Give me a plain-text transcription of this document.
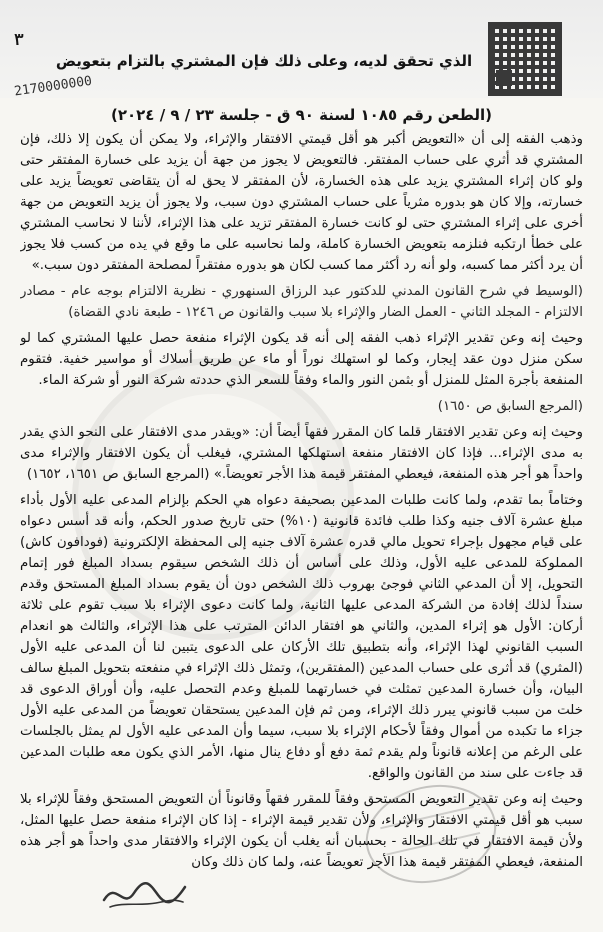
٣
الذي تحقق لديه، وعلى ذلك فإن المشتري بالتزام بتعويض
2170000000
(الطعن رقم ١٠٨٥ لسنة ٩٠ ق - جلسة ٢٣ / ٩ / ٢٠٢٤)

وذهب الفقه إلى أن «التعويض أكبر هو أقل قيمتي الافتقار والإثراء، ولا يمكن أن يكون إلا ذلك، فإن المشتري قد أثري على حساب المفتقر. فالتعويض لا يجوز من جهة أن يزيد على خسارة المفتقر حتى ولو كان إثراء المشتري يزيد على هذه الخسارة، لأن المفتقر لا يحق له أن يتقاضى تعويضاً يزيد على خسارته، وإلا كان هو بدوره مثرياً على حساب المشتري دون سبب، ولا يجوز أن يزيد التعويض من جهة أخرى على إثراء المشتري حتى لو كانت خسارة المفتقر تزيد على هذا الإثراء، لأننا لا نحاسب المشتري على خطأ ارتكبه فنلزمه بتعويض الخسارة كاملة، ولما نحاسبه على ما وقع في يده من كسب فلا يجوز أن يرد أكثر مما كسبه، ولو أنه رد أكثر مما كسب لكان هو بدوره مفتقراً لمصلحة المفتقر دون سبب.»

(الوسيط في شرح القانون المدني للدكتور عبد الرزاق السنهوري - نظرية الالتزام بوجه عام - مصادر الالتزام - المجلد الثاني - العمل الضار والإثراء بلا سبب والقانون ص ١٢٤٦ - طبعة نادي القضاة)

وحيث إنه وعن تقدير الإثراء ذهب الفقه إلى أنه قد يكون الإثراء منفعة حصل عليها المشتري كما لو سكن منزل دون عقد إيجار، وكما لو استهلك نوراً أو ماء عن طريق أسلاك أو مواسير خفية. فتقوم المنفعة بأجرة المثل للمنزل أو بثمن النور والماء وفقاً للسعر الذي حددته شركة النور أو شركة الماء.

(المرجع السابق ص ١٦٥٠)

وحيث إنه وعن تقدير الافتقار قلما كان المقرر فقهاً أيضاً أن: «ويقدر مدى الافتقار على النحو الذي يقدر به مدى الإثراء... فإذا كان الافتقار منفعة استهلكها المشتري، فيغلب أن يكون الافتقار والإثراء مدى واحداً هو أجر هذه المنفعة، فيعطي المفتقر قيمة هذا الأجر تعويضاً.» (المرجع السابق ص ١٦٥١، ١٦٥٢)

وختاماً بما تقدم، ولما كانت طلبات المدعين بصحيفة دعواه هي الحكم بإلزام المدعى عليه الأول بأداء مبلغ عشرة آلاف جنيه وكذا طلب فائدة قانونية (١٠%) حتى تاريخ صدور الحكم، وأنه قد أسس دعواه على قيام مجهول بإجراء تحويل مالي قدره عشرة آلاف جنيه إلى المحفظة الإلكترونية (فودافون كاش) المملوكة للمدعى عليه الأول، وذلك على أساس أن ذلك الشخص سيقوم بسداد المبلغ فور إتمام التحويل، إلا أن المدعي الثاني فوجئ بهروب ذلك الشخص دون أن يقوم بسداد المبلغ المستحق وقدم سنداً لذلك إفادة من الشركة المدعى عليها الثانية، ولما كانت دعوى الإثراء بلا سبب تقوم على ثلاثة أركان: الأول هو إثراء المدين، والثاني هو افتقار الدائن المترتب على هذا الإثراء، والثالث هو انعدام السبب القانوني لهذا الإثراء، وأنه بتطبيق تلك الأركان على الدعوى يتبين لنا أن المدعى عليه الأول (المثري) قد أثرى على حساب المدعين (المفتقرين)، وتمثل ذلك الإثراء في منفعته بتحويل المبلغ سالف البيان، وأن خسارة المدعين تمثلت في خسارتهما للمبلغ وعدم التحصل عليه، وأن أوراق الدعوى قد خلت من سبب قانوني يبرر ذلك الإثراء، ومن ثم فإن المدعين يستحقان تعويضاً من المدعى عليه الأول جزاء ما تكبده من أموال وفقاً لأحكام الإثراء بلا سبب، سيما وأن المدعى عليه الأول لم يمثل بالجلسات على الرغم من إعلانه قانوناً ولم يقدم ثمة دفع أو دفاع ينال منها، الأمر الذي يكون معه طلبات المدعين قد جاءت على سند من القانون والواقع.

وحيث إنه وعن تقدير التعويض المستحق وفقاً للمقرر فقهاً وقانوناً أن التعويض المستحق وفقاً للإثراء بلا سبب هو أقل قيمتي الافتقار والإثراء، ولأن تقدير قيمة الإثراء - إذا كان الإثراء منفعة حصل عليها المثل، ولأن قيمة الافتقار في تلك الحالة - بحسبان أنه يغلب أن يكون الإثراء والافتقار مدى واحداً هو أجر هذه المنفعة، فيعطي المفتقر قيمة هذا الأجر تعويضاً عنه، ولما كان ذلك وكان
